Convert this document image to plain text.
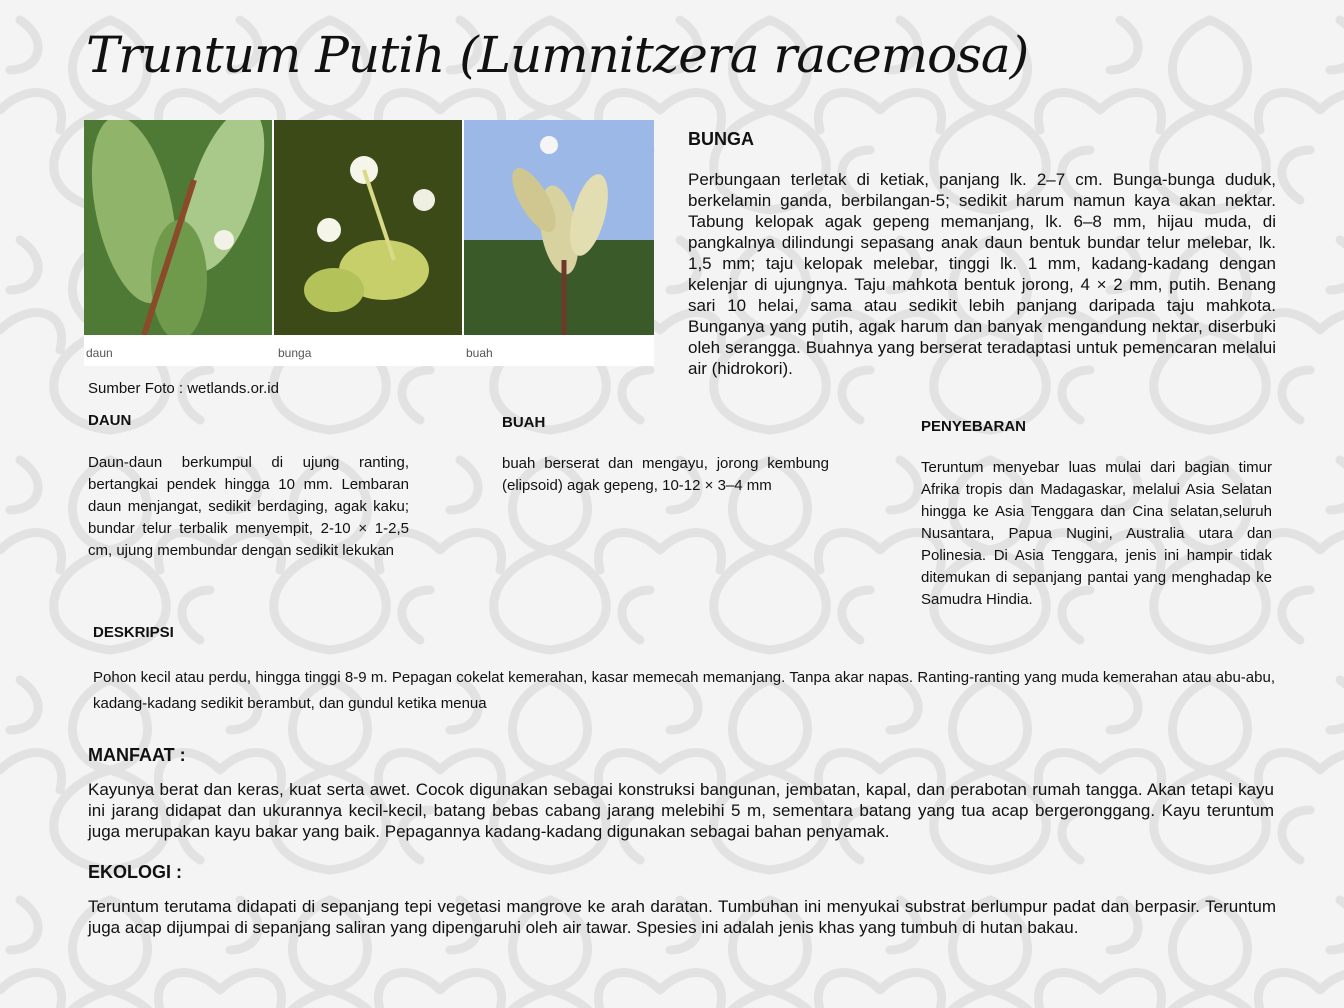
Truntum Putih (Lumnitzera racemosa)
daun	bunga	buah
Sumber Foto : wetlands.or.id
BUNGA

Perbungaan terletak di ketiak, panjang lk. 2–7 cm. Bunga-bunga duduk, berkelamin ganda, berbilangan-5; sedikit harum namun kaya akan nektar. Tabung kelopak agak gepeng memanjang, lk. 6–8 mm, hijau muda, di pangkalnya dilindungi sepasang anak daun bentuk bundar telur melebar, lk. 1,5 mm; taju kelopak melebar, tinggi lk. 1 mm, kadang-kadang dengan kelenjar di ujungnya. Taju mahkota bentuk jorong, 4 × 2 mm, putih. Benang sari 10 helai, sama atau sedikit lebih panjang daripada taju mahkota. Bunganya yang putih, agak harum dan banyak mengandung nektar, diserbuki oleh serangga. Buahnya yang berserat teradaptasi untuk pemencaran melalui air (hidrokori).

DAUN

Daun-daun berkumpul di ujung ranting, bertangkai pendek hingga 10 mm. Lembaran daun menjangat, sedikit berdaging, agak kaku; bundar telur terbalik menyempit, 2-10 × 1-2,5 cm, ujung membundar dengan sedikit lekukan

BUAH

buah berserat dan mengayu, jorong kembung (elipsoid) agak gepeng, 10-12 × 3–4 mm

PENYEBARAN

Teruntum menyebar luas mulai dari bagian timur Afrika tropis dan Madagaskar, melalui Asia Selatan hingga ke Asia Tenggara dan Cina selatan,seluruh Nusantara, Papua Nugini, Australia utara dan Polinesia. Di Asia Tenggara, jenis ini hampir tidak ditemukan di sepanjang pantai yang menghadap ke Samudra Hindia.

DESKRIPSI

Pohon kecil atau perdu, hingga tinggi 8-9 m. Pepagan cokelat kemerahan, kasar memecah memanjang. Tanpa akar napas. Ranting-ranting yang muda kemerahan atau abu-abu, kadang-kadang sedikit berambut, dan gundul ketika menua

MANFAAT :

Kayunya berat dan keras, kuat serta awet. Cocok digunakan sebagai konstruksi bangunan, jembatan, kapal, dan perabotan rumah tangga. Akan tetapi kayu ini jarang didapat dan ukurannya kecil-kecil, batang bebas cabang jarang melebihi 5 m, sementara batang yang tua acap bergeronggang. Kayu teruntum juga merupakan kayu bakar yang baik. Pepagannya kadang-kadang digunakan sebagai bahan penyamak.

EKOLOGI :

Teruntum terutama didapati di sepanjang tepi vegetasi mangrove ke arah daratan. Tumbuhan ini menyukai substrat berlumpur padat dan berpasir. Teruntum juga acap dijumpai di sepanjang saliran yang dipengaruhi oleh air tawar. Spesies ini adalah jenis khas yang tumbuh di hutan bakau.
